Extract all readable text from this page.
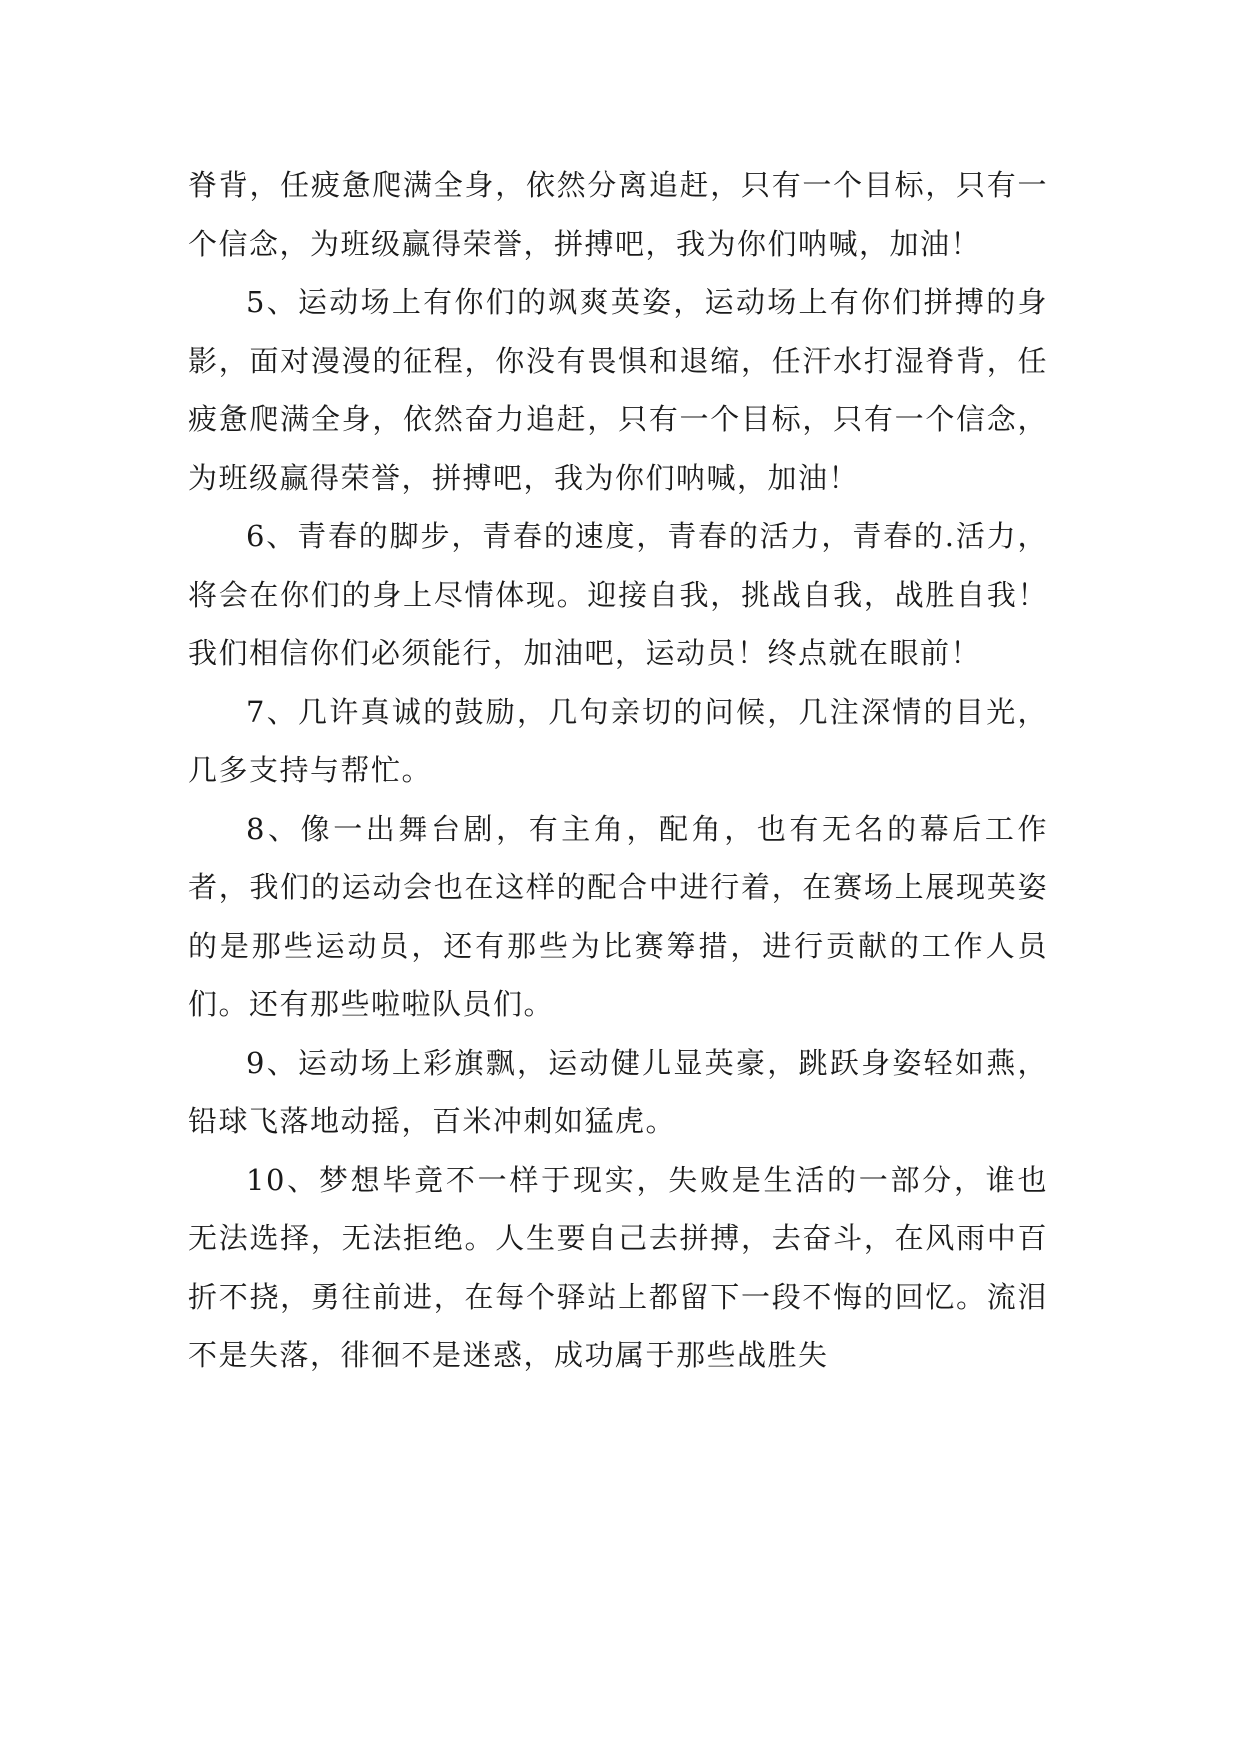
脊背，任疲惫爬满全身，依然分离追赶，只有一个目标，只有一个信念，为班级赢得荣誉，拼搏吧，我为你们呐喊，加油！

5、运动场上有你们的飒爽英姿，运动场上有你们拼搏的身影，面对漫漫的征程，你没有畏惧和退缩，任汗水打湿脊背，任疲惫爬满全身，依然奋力追赶，只有一个目标，只有一个信念，为班级赢得荣誉，拼搏吧，我为你们呐喊，加油！

6、青春的脚步，青春的速度，青春的活力，青春的.活力，将会在你们的身上尽情体现。迎接自我，挑战自我，战胜自我！我们相信你们必须能行，加油吧，运动员！终点就在眼前！

7、几许真诚的鼓励，几句亲切的问候，几注深情的目光，几多支持与帮忙。

8、像一出舞台剧，有主角，配角，也有无名的幕后工作者，我们的运动会也在这样的配合中进行着，在赛场上展现英姿的是那些运动员，还有那些为比赛筹措，进行贡献的工作人员们。还有那些啦啦队员们。

9、运动场上彩旗飘，运动健儿显英豪，跳跃身姿轻如燕，铅球飞落地动摇，百米冲刺如猛虎。

10、梦想毕竟不一样于现实，失败是生活的一部分，谁也无法选择，无法拒绝。人生要自己去拼搏，去奋斗，在风雨中百折不挠，勇往前进，在每个驿站上都留下一段不悔的回忆。流泪不是失落，徘徊不是迷惑，成功属于那些战胜失
